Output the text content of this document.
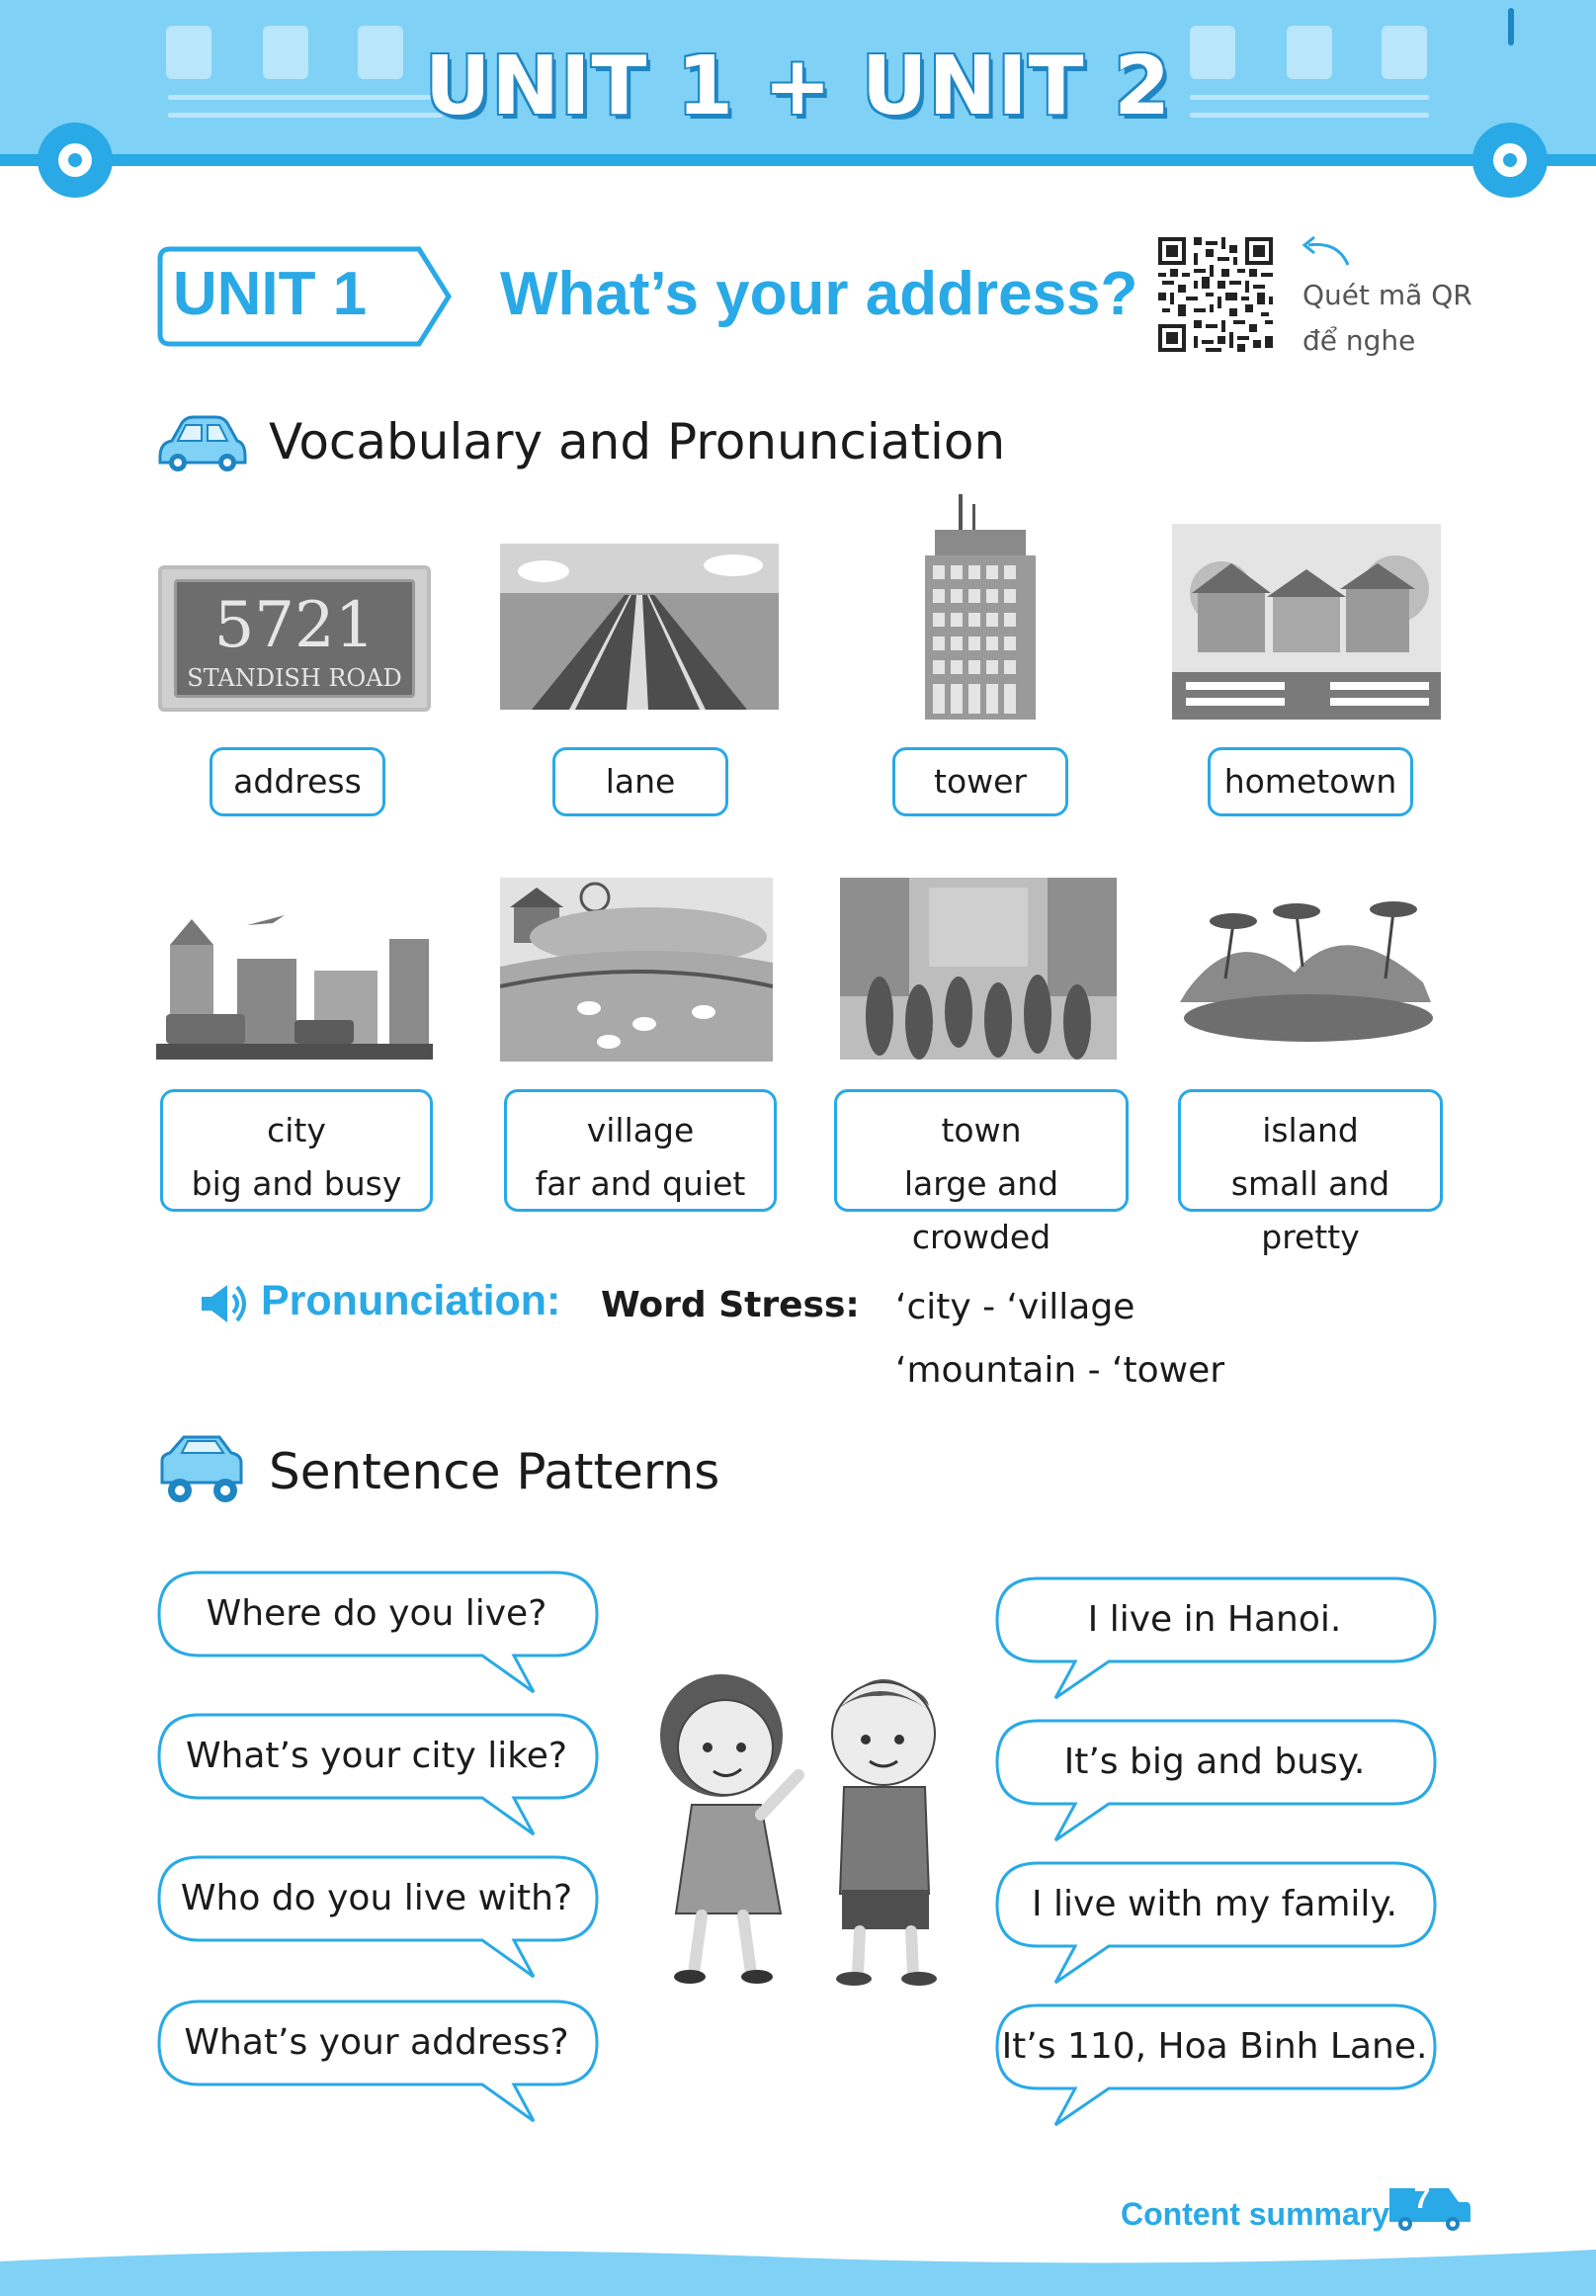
UNIT 1 + UNIT 2
UNIT 1 What’s your address?	Quét mã QR
để nghe
Vocabulary and Pronunciation
5721
STANDISH ROAD
address	lane	tower	hometown
city
big and busy
village
far and quiet
town
large and crowded
island
small and pretty
Pronunciation: Word Stress: ‘city - ‘village
‘mountain - ‘tower
Sentence Patterns
Where do you live?
What’s your city like?
Who do you live with?
What’s your address?
I live in Hanoi.
It’s big and busy.
I live with my family.
It’s 110, Hoa Binh Lane.
Content summary 7
